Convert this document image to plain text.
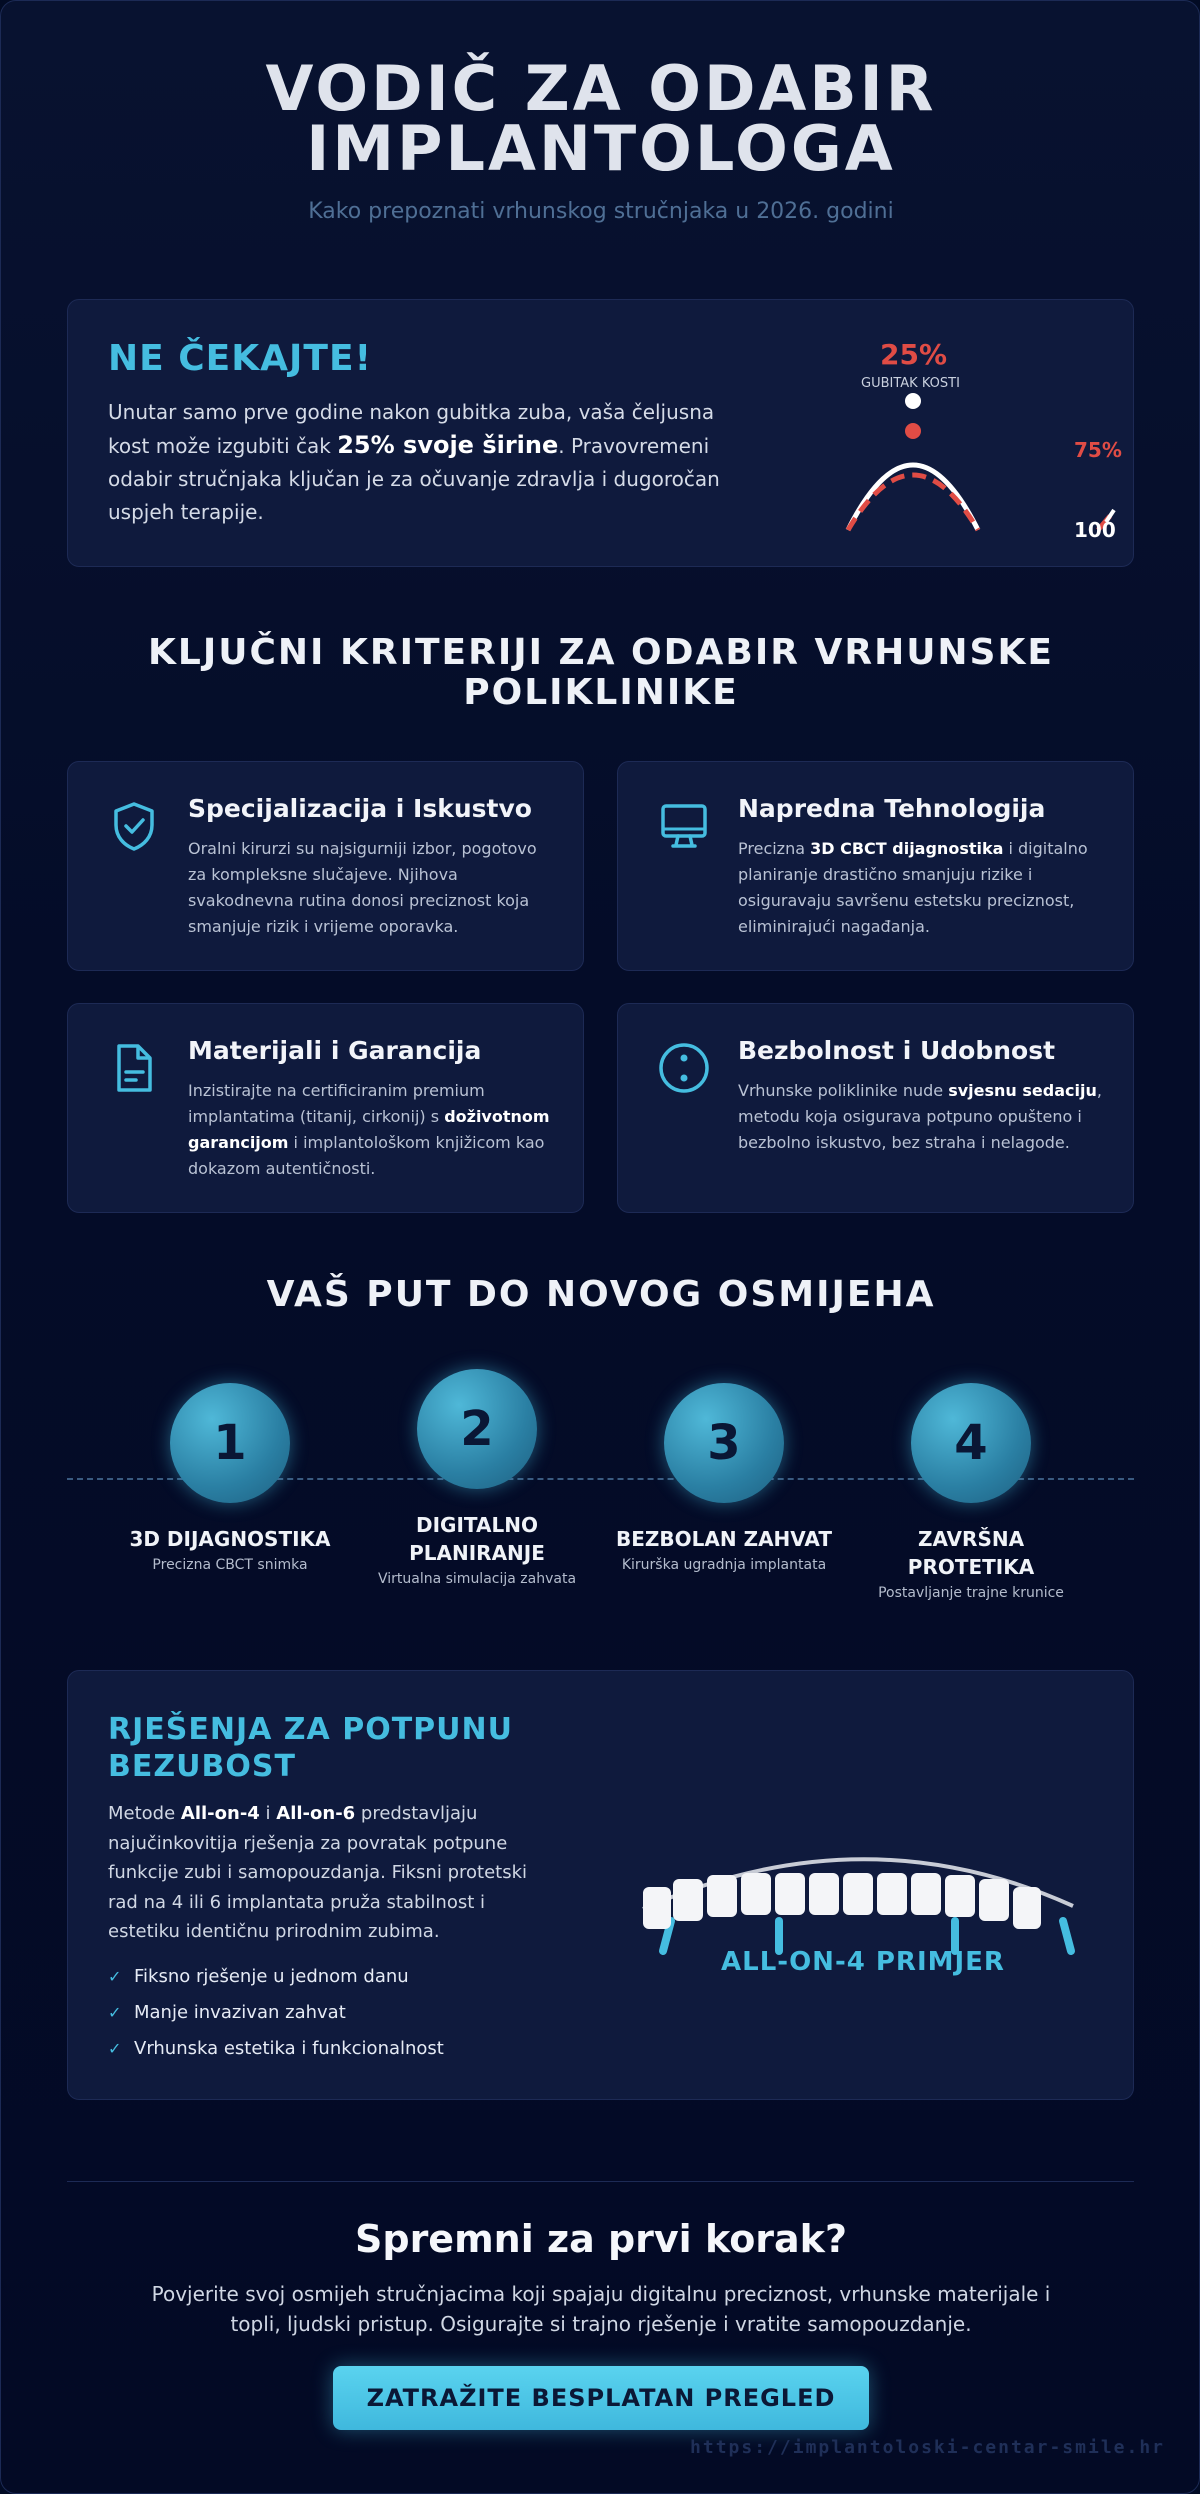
VODIČ ZA ODABIR IMPLANTOLOGA
Kako prepoznati vrhunskog stručnjaka u 2026. godini
NE ČEKAJTE!

Unutar samo prve godine nakon gubitka zuba, vaša čeljusna kost može izgubiti čak 25% svoje širine. Pravovremeni odabir stručnjaka ključan je za očuvanje zdravlja i dugoročan uspjeh terapije.

25%
GUBITAK KOSTI
75%
100
KLJUČNI KRITERIJI ZA ODABIR VRHUNSKE POLIKLINIKE
Specijalizacija i Iskustvo

Oralni kirurzi su najsigurniji izbor, pogotovo za kompleksne slučajeve. Njihova svakodnevna rutina donosi preciznost koja smanjuje rizik i vrijeme oporavka.

Napredna Tehnologija

Precizna 3D CBCT dijagnostika i digitalno planiranje drastično smanjuju rizike i osiguravaju savršenu estetsku preciznost, eliminirajući nagađanja.

Materijali i Garancija

Inzistirajte na certificiranim premium implantatima (titanij, cirkonij) s doživotnom garancijom i implantološkom knjižicom kao dokazom autentičnosti.

Bezbolnost i Udobnost

Vrhunske poliklinike nude svjesnu sedaciju, metodu koja osigurava potpuno opušteno i bezbolno iskustvo, bez straha i nelagode.

VAŠ PUT DO NOVOG OSMIJEHA
1
3D DIJAGNOSTIKA
Precizna CBCT snimka
2
DIGITALNO PLANIRANJE
Virtualna simulacija zahvata
3
BEZBOLAN ZAHVAT
Kirurška ugradnja implantata
4
ZAVRŠNA PROTETIKA
Postavljanje trajne krunice
RJEŠENJA ZA POTPUNU BEZUBOST

Metode All-on-4 i All-on-6 predstavljaju najučinkovitija rješenja za povratak potpune funkcije zubi i samopouzdanja. Fiksni protetski rad na 4 ili 6 implantata pruža stabilnost i estetiku identičnu prirodnim zubima.

✓ Fiksno rješenje u jednom danu
✓ Manje invazivan zahvat
✓ Vrhunska estetika i funkcionalnost
ALL-ON-4 PRIMJER
Spremni za prvi korak?
Povjerite svoj osmijeh stručnjacima koji spajaju digitalnu preciznost, vrhunske materijale i topli, ljudski pristup. Osigurajte si trajno rješenje i vratite samopouzdanje.
ZATRAŽITE BESPLATAN PREGLED
https://implantoloski-centar-smile.hr
